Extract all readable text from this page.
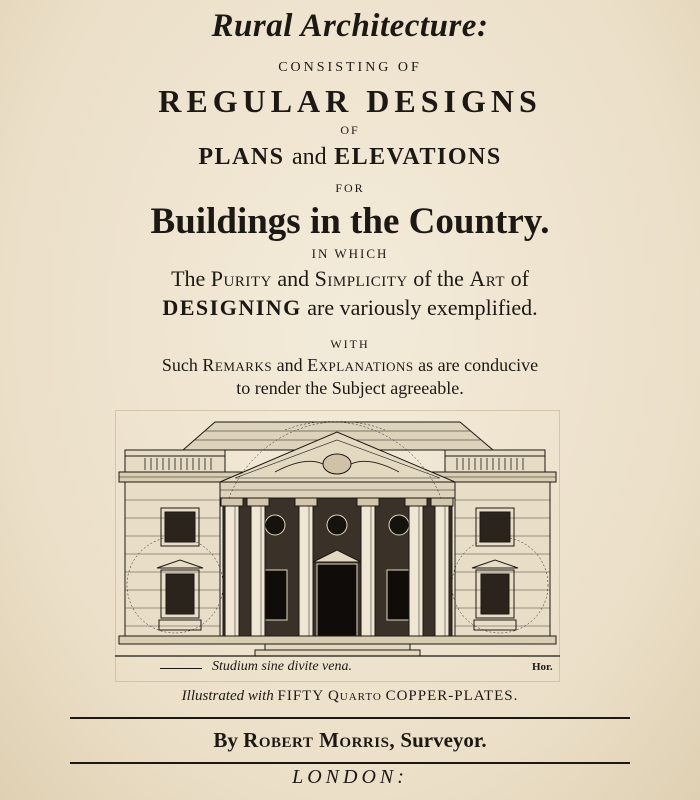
Rural Architecture:
CONSISTING OF
REGULAR DESIGNS
OF
PLANS and ELEVATIONS
FOR
Buildings in the Country.
IN WHICH
The Purity and Simplicity of the Art of
DESIGNING are variously exemplified.
WITH
Such Remarks and Explanations as are conducive
to render the Subject agreeable.
Studium sine divite vena.	Hor.
Illustrated with FIFTY Quarto COPPER-PLATES.
By Robert Morris, Surveyor.
LONDON:
